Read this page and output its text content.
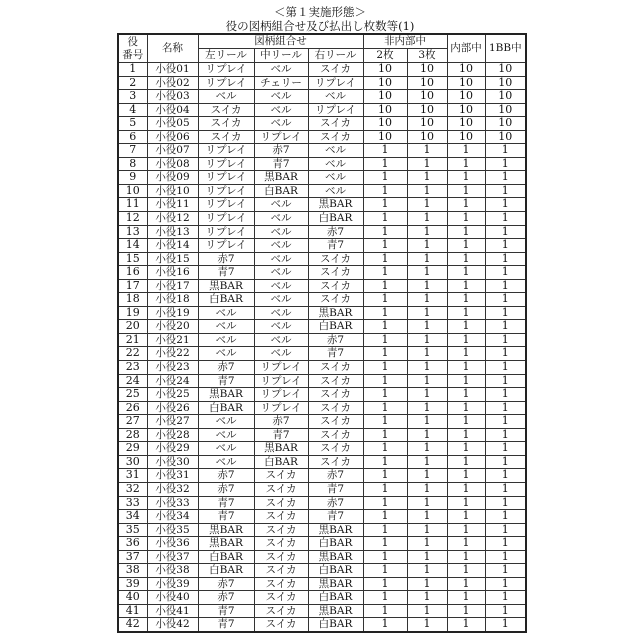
＜第１実施形態＞
役の図柄組合せ及び払出し枚数等(1)
役
番号	名称	図柄組合せ	非内部中	内部中	1BB中
左リール	中リール	右リール	2枚	3枚
1	小役01	リプレイ	ベル	スイカ	10	10	10	10
2	小役02	リプレイ	チェリー	リプレイ	10	10	10	10
3	小役03	ベル	ベル	ベル	10	10	10	10
4	小役04	スイカ	ベル	リプレイ	10	10	10	10
5	小役05	スイカ	ベル	スイカ	10	10	10	10
6	小役06	スイカ	リプレイ	スイカ	10	10	10	10
7	小役07	リプレイ	赤7	ベル	1	1	1	1
8	小役08	リプレイ	青7	ベル	1	1	1	1
9	小役09	リプレイ	黒BAR	ベル	1	1	1	1
10	小役10	リプレイ	白BAR	ベル	1	1	1	1
11	小役11	リプレイ	ベル	黒BAR	1	1	1	1
12	小役12	リプレイ	ベル	白BAR	1	1	1	1
13	小役13	リプレイ	ベル	赤7	1	1	1	1
14	小役14	リプレイ	ベル	青7	1	1	1	1
15	小役15	赤7	ベル	スイカ	1	1	1	1
16	小役16	青7	ベル	スイカ	1	1	1	1
17	小役17	黒BAR	ベル	スイカ	1	1	1	1
18	小役18	白BAR	ベル	スイカ	1	1	1	1
19	小役19	ベル	ベル	黒BAR	1	1	1	1
20	小役20	ベル	ベル	白BAR	1	1	1	1
21	小役21	ベル	ベル	赤7	1	1	1	1
22	小役22	ベル	ベル	青7	1	1	1	1
23	小役23	赤7	リプレイ	スイカ	1	1	1	1
24	小役24	青7	リプレイ	スイカ	1	1	1	1
25	小役25	黒BAR	リプレイ	スイカ	1	1	1	1
26	小役26	白BAR	リプレイ	スイカ	1	1	1	1
27	小役27	ベル	赤7	スイカ	1	1	1	1
28	小役28	ベル	青7	スイカ	1	1	1	1
29	小役29	ベル	黒BAR	スイカ	1	1	1	1
30	小役30	ベル	白BAR	スイカ	1	1	1	1
31	小役31	赤7	スイカ	赤7	1	1	1	1
32	小役32	赤7	スイカ	青7	1	1	1	1
33	小役33	青7	スイカ	赤7	1	1	1	1
34	小役34	青7	スイカ	青7	1	1	1	1
35	小役35	黒BAR	スイカ	黒BAR	1	1	1	1
36	小役36	黒BAR	スイカ	白BAR	1	1	1	1
37	小役37	白BAR	スイカ	黒BAR	1	1	1	1
38	小役38	白BAR	スイカ	白BAR	1	1	1	1
39	小役39	赤7	スイカ	黒BAR	1	1	1	1
40	小役40	赤7	スイカ	白BAR	1	1	1	1
41	小役41	青7	スイカ	黒BAR	1	1	1	1
42	小役42	青7	スイカ	白BAR	1	1	1	1
